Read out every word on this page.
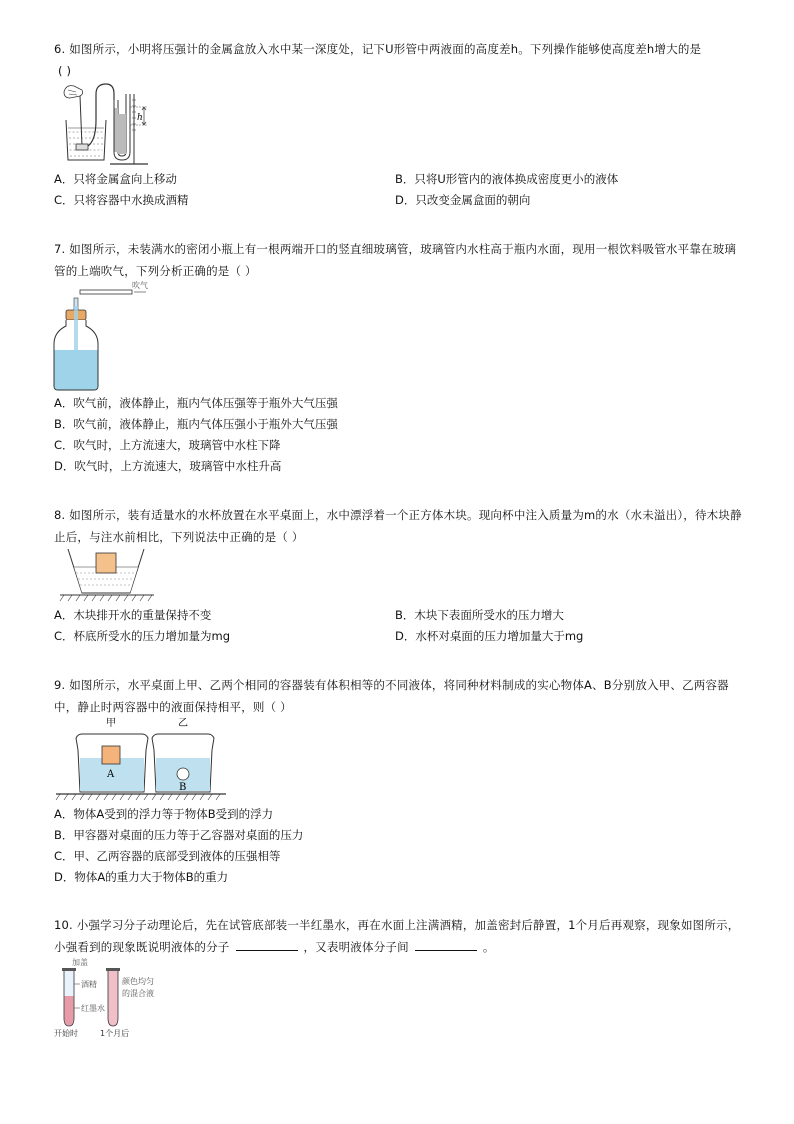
6. 如图所示，小明将压强计的金属盒放入水中某一深度处，记下U形管中两液面的高度差h。下列操作能够使高度差h增大的是
( )

h
A．只将金属盒向上移动	B．只将U形管内的液体换成密度更小的液体
C．只将容器中水换成酒精	D．只改变金属盒面的朝向

7. 如图所示，未装满水的密闭小瓶上有一根两端开口的竖直细玻璃管，玻璃管内水柱高于瓶内水面，现用一根饮料吸管水平靠在玻璃管的上端吹气，下列分析正确的是（ ）

吹气
A．吹气前，液体静止，瓶内气体压强等于瓶外大气压强
B．吹气前，液体静止，瓶内气体压强小于瓶外大气压强
C．吹气时，上方流速大，玻璃管中水柱下降
D．吹气时，上方流速大，玻璃管中水柱升高

8. 如图所示，装有适量水的水杯放置在水平桌面上，水中漂浮着一个正方体木块。现向杯中注入质量为m的水（水未溢出），待木块静止后，与注水前相比，下列说法中正确的是（ ）

A．木块排开水的重量保持不变	B．木块下表面所受水的压力增大
C．杯底所受水的压力增加量为mg	D．水杯对桌面的压力增加量大于mg

9. 如图所示，水平桌面上甲、乙两个相同的容器装有体积相等的不同液体，将同种材料制成的实心物体A、B分别放入甲、乙两容器中，静止时两容器中的液面保持相平，则（ ）

甲	乙
A
B
A．物体A受到的浮力等于物体B受到的浮力
B．甲容器对桌面的压力等于乙容器对桌面的压力
C．甲、乙两容器的底部受到液体的压强相等
D．物体A的重力大于物体B的重力

10. 小强学习分子动理论后，先在试管底部装一半红墨水，再在水面上注满酒精，加盖密封后静置，1个月后再观察，现象如图所示，小强看到的现象既说明液体的分子	，又表明液体分子间	。

加盖
酒精
红墨水
颜色均匀
的混合液
开始时	1个月后
